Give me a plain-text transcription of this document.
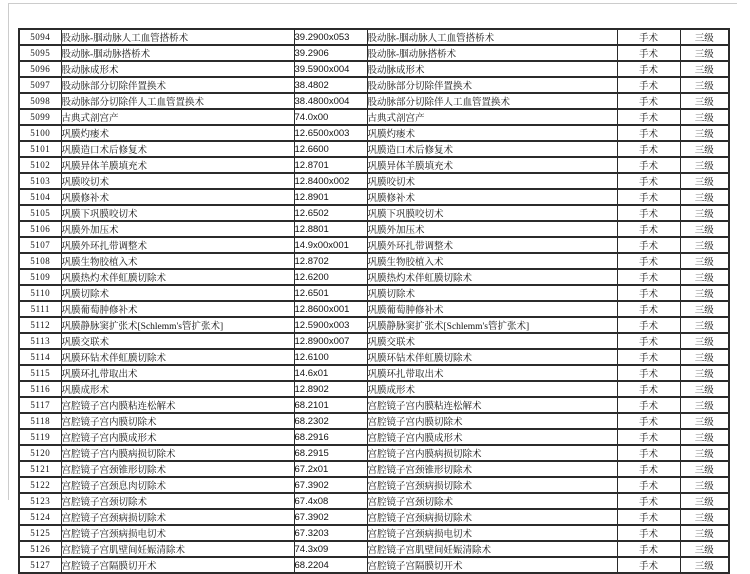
5094	股动脉-腘动脉人工血管搭桥术	39.2900x053	股动脉-腘动脉人工血管搭桥术	手术	三级
5095	股动脉-腘动脉搭桥术	39.2906	股动脉-腘动脉搭桥术	手术	三级
5096	股动脉成形术	39.5900x004	股动脉成形术	手术	三级
5097	股动脉部分切除伴置换术	38.4802	股动脉部分切除伴置换术	手术	三级
5098	股动脉部分切除伴人工血管置换术	38.4800x004	股动脉部分切除伴人工血管置换术	手术	三级
5099	古典式剖宫产	74.0x00	古典式剖宫产	手术	三级
5100	巩膜灼瘘术	12.6500x003	巩膜灼瘘术	手术	三级
5101	巩膜造口术后修复术	12.6600	巩膜造口术后修复术	手术	三级
5102	巩膜异体羊膜填充术	12.8701	巩膜异体羊膜填充术	手术	三级
5103	巩膜咬切术	12.8400x002	巩膜咬切术	手术	三级
5104	巩膜修补术	12.8901	巩膜修补术	手术	三级
5105	巩膜下巩膜咬切术	12.6502	巩膜下巩膜咬切术	手术	三级
5106	巩膜外加压术	12.8801	巩膜外加压术	手术	三级
5107	巩膜外环扎带调整术	14.9x00x001	巩膜外环扎带调整术	手术	三级
5108	巩膜生物胶植入术	12.8702	巩膜生物胶植入术	手术	三级
5109	巩膜热灼术伴虹膜切除术	12.6200	巩膜热灼术伴虹膜切除术	手术	三级
5110	巩膜切除术	12.6501	巩膜切除术	手术	三级
5111	巩膜葡萄肿修补术	12.8600x001	巩膜葡萄肿修补术	手术	三级
5112	巩膜静脉窦扩张术[Schlemm's管扩张术]	12.5900x003	巩膜静脉窦扩张术[Schlemm's管扩张术]	手术	三级
5113	巩膜交联术	12.8900x007	巩膜交联术	手术	三级
5114	巩膜环钻术伴虹膜切除术	12.6100	巩膜环钻术伴虹膜切除术	手术	三级
5115	巩膜环扎带取出术	14.6x01	巩膜环扎带取出术	手术	三级
5116	巩膜成形术	12.8902	巩膜成形术	手术	三级
5117	宫腔镜子宫内膜粘连松解术	68.2101	宫腔镜子宫内膜粘连松解术	手术	三级
5118	宫腔镜子宫内膜切除术	68.2302	宫腔镜子宫内膜切除术	手术	三级
5119	宫腔镜子宫内膜成形术	68.2916	宫腔镜子宫内膜成形术	手术	三级
5120	宫腔镜子宫内膜病损切除术	68.2915	宫腔镜子宫内膜病损切除术	手术	三级
5121	宫腔镜子宫颈锥形切除术	67.2x01	宫腔镜子宫颈锥形切除术	手术	三级
5122	宫腔镜子宫颈息肉切除术	67.3902	宫腔镜子宫颈病损切除术	手术	三级
5123	宫腔镜子宫颈切除术	67.4x08	宫腔镜子宫颈切除术	手术	三级
5124	宫腔镜子宫颈病损切除术	67.3902	宫腔镜子宫颈病损切除术	手术	三级
5125	宫腔镜子宫颈病损电切术	67.3203	宫腔镜子宫颈病损电切术	手术	三级
5126	宫腔镜子宫肌壁间妊娠清除术	74.3x09	宫腔镜子宫肌壁间妊娠清除术	手术	三级
5127	宫腔镜子宫隔膜切开术	68.2204	宫腔镜子宫隔膜切开术	手术	三级
